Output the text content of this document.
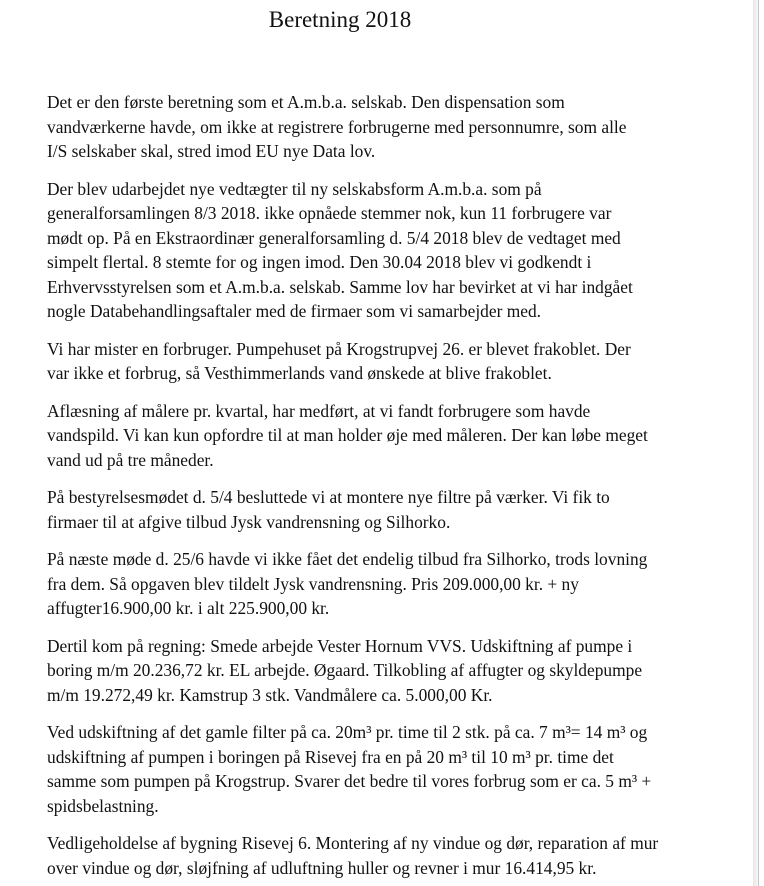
Beretning 2018

Det er den første beretning som et A.m.b.a. selskab. Den dispensation som
vandværkerne havde, om ikke at registrere forbrugerne med personnumre, som alle
I/S selskaber skal, stred imod EU nye Data lov.

Der blev udarbejdet nye vedtægter til ny selskabsform A.m.b.a. som på
generalforsamlingen 8/3 2018. ikke opnåede stemmer nok, kun 11 forbrugere var
mødt op. På en Ekstraordinær generalforsamling d. 5/4 2018 blev de vedtaget med
simpelt flertal. 8 stemte for og ingen imod. Den 30.04 2018 blev vi godkendt i
Erhvervsstyrelsen som et A.m.b.a. selskab. Samme lov har bevirket at vi har indgået
nogle Databehandlingsaftaler med de firmaer som vi samarbejder med.

Vi har mister en forbruger. Pumpehuset på Krogstrupvej 26. er blevet frakoblet. Der
var ikke et forbrug, så Vesthimmerlands vand ønskede at blive frakoblet.

Aflæsning af målere pr. kvartal, har medført, at vi fandt forbrugere som havde
vandspild. Vi kan kun opfordre til at man holder øje med måleren. Der kan løbe meget
vand ud på tre måneder.

På bestyrelsesmødet d. 5/4 besluttede vi at montere nye filtre på værker. Vi fik to
firmaer til at afgive tilbud Jysk vandrensning og Silhorko.

På næste møde d. 25/6 havde vi ikke fået det endelig tilbud fra Silhorko, trods lovning
fra dem. Så opgaven blev tildelt Jysk vandrensning. Pris 209.000,00 kr. + ny
affugter16.900,00 kr. i alt 225.900,00 kr.

Dertil kom på regning: Smede arbejde Vester Hornum VVS. Udskiftning af pumpe i
boring m/m 20.236,72 kr. EL arbejde. Øgaard. Tilkobling af affugter og skyldepumpe
m/m 19.272,49 kr. Kamstrup 3 stk. Vandmålere ca. 5.000,00 Kr.

Ved udskiftning af det gamle filter på ca. 20m³ pr. time til 2 stk. på ca. 7 m³= 14 m³ og
udskiftning af pumpen i boringen på Risevej fra en på 20 m³ til 10 m³ pr. time det
samme som pumpen på Krogstrup. Svarer det bedre til vores forbrug som er ca. 5 m³ +
spidsbelastning.

Vedligeholdelse af bygning Risevej 6. Montering af ny vindue og dør, reparation af mur
over vindue og dør, sløjfning af udluftning huller og revner i mur 16.414,95 kr.
